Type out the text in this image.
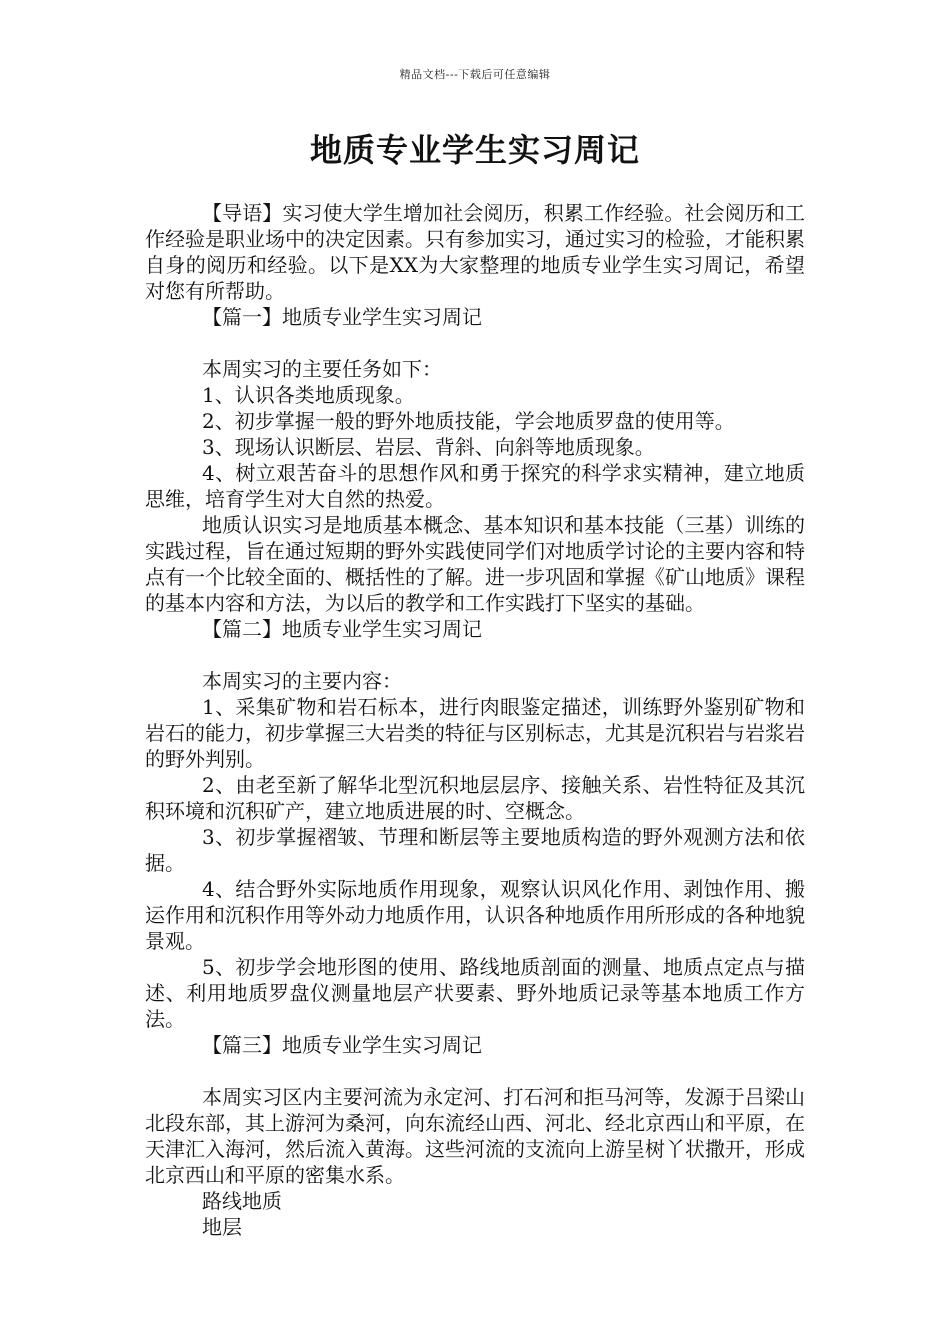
精品文档---下载后可任意编辑
地质专业学生实习周记

【导语】实习使大学生增加社会阅历，积累工作经验。社会阅历和工作经验是职业场中的决定因素。只有参加实习，通过实习的检验，才能积累自身的阅历和经验。以下是XX为大家整理的地质专业学生实习周记，希望对您有所帮助。

【篇一】地质专业学生实习周记

本周实习的主要任务如下：

1、认识各类地质现象。

2、初步掌握一般的野外地质技能，学会地质罗盘的使用等。

3、现场认识断层、岩层、背斜、向斜等地质现象。

4、树立艰苦奋斗的思想作风和勇于探究的科学求实精神，建立地质思维，培育学生对大自然的热爱。

地质认识实习是地质基本概念、基本知识和基本技能（三基）训练的实践过程，旨在通过短期的野外实践使同学们对地质学讨论的主要内容和特点有一个比较全面的、概括性的了解。进一步巩固和掌握《矿山地质》课程的基本内容和方法，为以后的教学和工作实践打下坚实的基础。

【篇二】地质专业学生实习周记

本周实习的主要内容：

1、采集矿物和岩石标本，进行肉眼鉴定描述，训练野外鉴别矿物和岩石的能力，初步掌握三大岩类的特征与区别标志，尤其是沉积岩与岩浆岩的野外判别。

2、由老至新了解华北型沉积地层层序、接触关系、岩性特征及其沉积环境和沉积矿产，建立地质进展的时、空概念。

3、初步掌握褶皱、节理和断层等主要地质构造的野外观测方法和依据。

4、结合野外实际地质作用现象，观察认识风化作用、剥蚀作用、搬运作用和沉积作用等外动力地质作用，认识各种地质作用所形成的各种地貌景观。

5、初步学会地形图的使用、路线地质剖面的测量、地质点定点与描述、利用地质罗盘仪测量地层产状要素、野外地质记录等基本地质工作方法。

【篇三】地质专业学生实习周记

本周实习区内主要河流为永定河、打石河和拒马河等，发源于吕梁山北段东部，其上游河为桑河，向东流经山西、河北、经北京西山和平原，在天津汇入海河，然后流入黄海。这些河流的支流向上游呈树丫状撒开，形成北京西山和平原的密集水系。

路线地质

地层
